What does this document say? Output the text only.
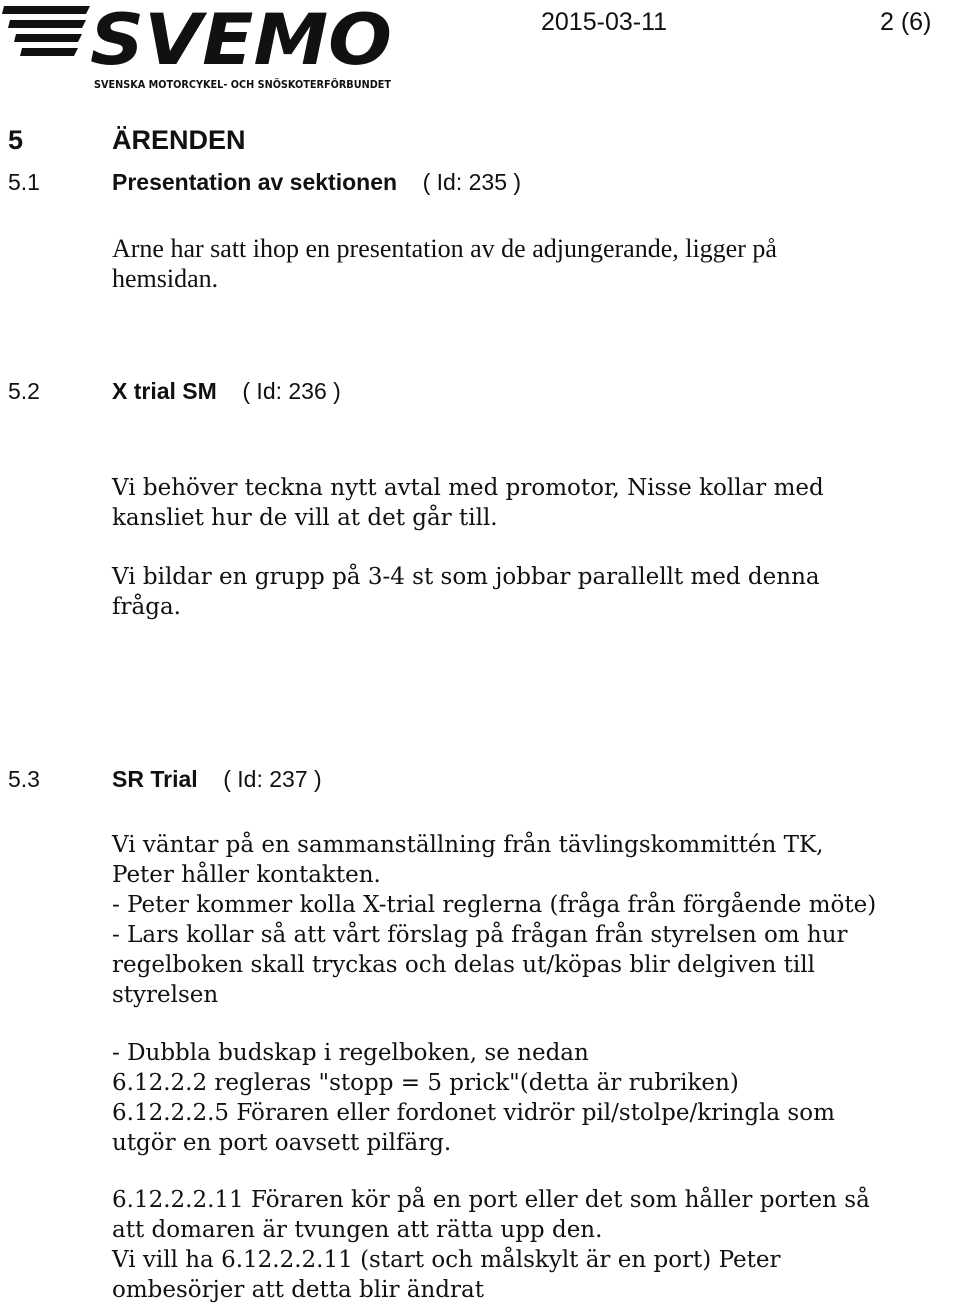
SVEMO
SVENSKA MOTORCYKEL- OCH SNÖSKOTERFÖRBUNDET
2015-03-11	2 (6)
5	ÄRENDEN
5.1	Presentation av sektionen ( Id: 235 )
Arne har satt ihop en presentation av de adjungerande, ligger på
hemsidan.
5.2	X trial SM ( Id: 236 )
Vi behöver teckna nytt avtal med promotor, Nisse kollar med
kansliet hur de vill at det går till.
Vi bildar en grupp på 3-4 st som jobbar parallellt med denna
fråga.
5.3	SR Trial ( Id: 237 )
Vi väntar på en sammanställning från tävlingskommittén TK,
Peter håller kontakten.
- Peter kommer kolla X-trial reglerna (fråga från förgående möte)
- Lars kollar så att vårt förslag på frågan från styrelsen om hur
regelboken skall tryckas och delas ut/köpas blir delgiven till
styrelsen
- Dubbla budskap i regelboken, se nedan
6.12.2.2 regleras "stopp = 5 prick"(detta är rubriken)
6.12.2.2.5 Föraren eller fordonet vidrör pil/stolpe/kringla som
utgör en port oavsett pilfärg.
6.12.2.2.11 Föraren kör på en port eller det som håller porten så
att domaren är tvungen att rätta upp den.
Vi vill ha 6.12.2.2.11 (start och målskylt är en port) Peter
ombesörjer att detta blir ändrat
